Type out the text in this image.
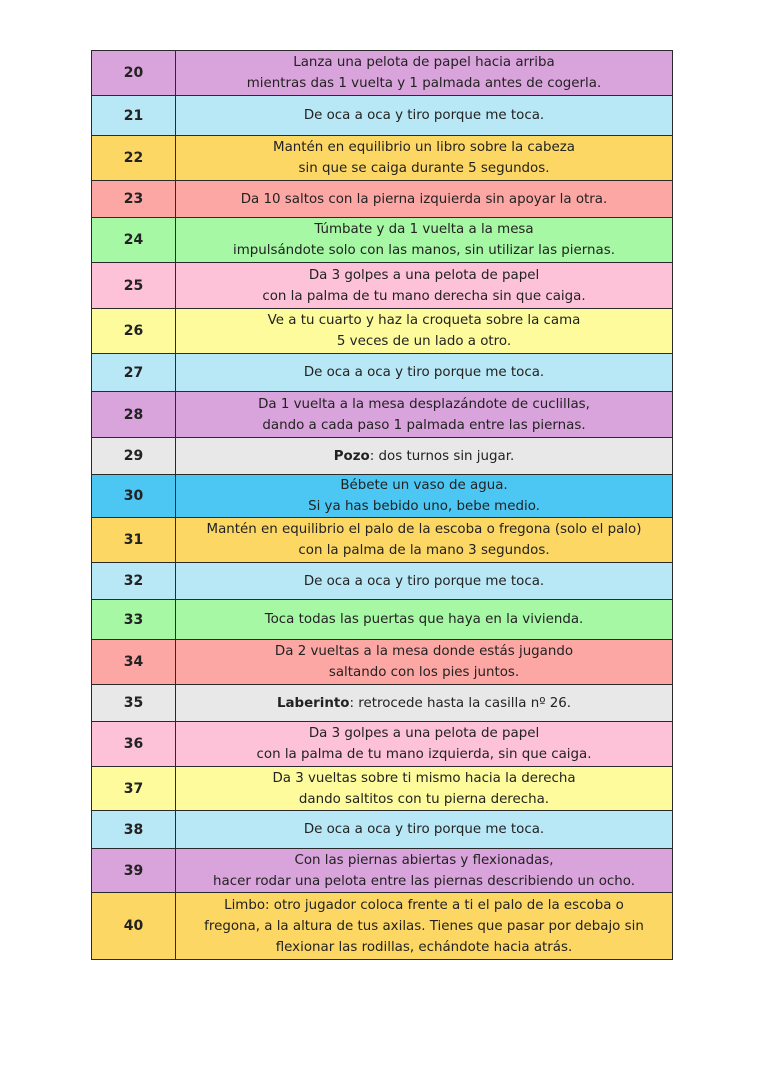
20	Lanza una pelota de papel hacia arriba
mientras das 1 vuelta y 1 palmada antes de cogerla.

21	De oca a oca y tiro porque me toca.

22	Mantén en equilibrio un libro sobre la cabeza
sin que se caiga durante 5 segundos.

23	Da 10 saltos con la pierna izquierda sin apoyar la otra.

24	Túmbate y da 1 vuelta a la mesa
impulsándote solo con las manos, sin utilizar las piernas.

25	Da 3 golpes a una pelota de papel
con la palma de tu mano derecha sin que caiga.

26	Ve a tu cuarto y haz la croqueta sobre la cama
5 veces de un lado a otro.

27	De oca a oca y tiro porque me toca.

28	Da 1 vuelta a la mesa desplazándote de cuclillas,
dando a cada paso 1 palmada entre las piernas.

29	Pozo: dos turnos sin jugar.

30	Bébete un vaso de agua.
Si ya has bebido uno, bebe medio.

31	Mantén en equilibrio el palo de la escoba o fregona (solo el palo)
con la palma de la mano 3 segundos.

32	De oca a oca y tiro porque me toca.

33	Toca todas las puertas que haya en la vivienda.

34	Da 2 vueltas a la mesa donde estás jugando
saltando con los pies juntos.

35	Laberinto: retrocede hasta la casilla nº 26.

36	Da 3 golpes a una pelota de papel
con la palma de tu mano izquierda, sin que caiga.

37	Da 3 vueltas sobre ti mismo hacia la derecha
dando saltitos con tu pierna derecha.

38	De oca a oca y tiro porque me toca.

39	Con las piernas abiertas y flexionadas,
hacer rodar una pelota entre las piernas describiendo un ocho.

40	Limbo: otro jugador coloca frente a ti el palo de la escoba o
fregona, a la altura de tus axilas. Tienes que pasar por debajo sin
flexionar las rodillas, echándote hacia atrás.
